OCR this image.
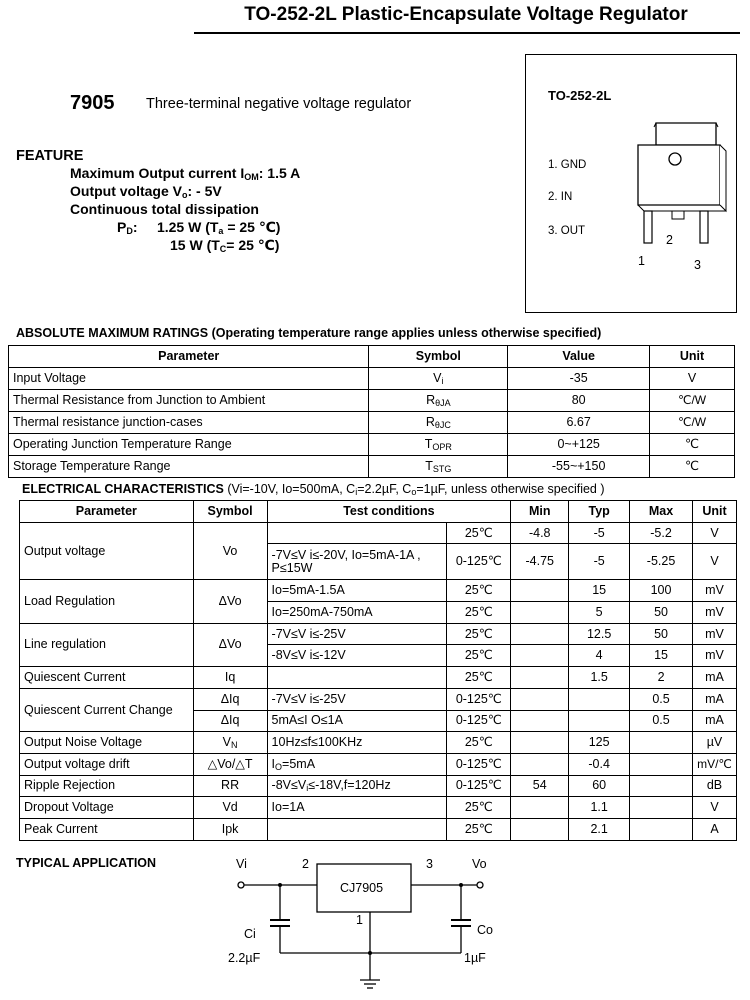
TO-252-2L Plastic-Encapsulate Voltage Regulator
7905 Three-terminal negative voltage regulator
FEATURE
Maximum Output current $I_{OM}$: 1.5 A
Output voltage $V_o$: - 5V
Continuous total dissipation
$P_D$:     1.25 W ($T_a = 25$ ℃)
15 W ($T_C= 25$ ℃)
TO-252-2L
1. GND
2. IN
3. OUT
1
2
3
ABSOLUTE MAXIMUM RATINGS (Operating temperature range applies unless otherwise specified)
Parameter	Symbol	Value	Unit
Input Voltage	$V_i$	-35	V
Thermal Resistance from Junction to Ambient	$R_{\theta JA}$	80	℃/W
Thermal resistance junction-cases	$R_{\theta JC}$	6.67	℃/W
Operating Junction Temperature Range	$T_{OPR}$	0~+125	℃
Storage Temperature Range	$T_{STG}$	-55~+150	℃
ELECTRICAL CHARACTERISTICS (Vi=-10V, Io=500mA, $C_i=2.2\mu F$, $C_o=1\mu F$, unless otherwise specified )
Parameter	Symbol	Test conditions		Min	Typ	Max	Unit
Output voltage	Vo		25℃	-4.8	-5	-5.2	V
		-7V≤V i≤-20V, Io=5mA-1A , P≤15W	0-125℃	-4.75	-5	-5.25	V
Load Regulation	ΔVo	Io=5mA-1.5A	25℃		15	100	mV
		Io=250mA-750mA	25℃		5	50	mV
Line regulation	ΔVo	-7V≤V i≤-25V	25℃		12.5	50	mV
		-8V≤V i≤-12V	25℃		4	15	mV
Quiescent Current	Iq		25℃		1.5	2	mA
Quiescent Current Change	ΔIq	-7V≤V i≤-25V	0-125℃			0.5	mA
	ΔIq	5mA≤I O≤1A	0-125℃			0.5	mA
Output Noise Voltage	$V_N$	10Hz≤f≤100KHz	25℃		125		µV
Output voltage drift	△Vo/△T	$I_O=5mA$	0-125℃		-0.4		mV/℃
Ripple Rejection	RR	$-8V\le V_i\le-18V,f=120Hz$	0-125℃	54	60		dB
Dropout Voltage	Vd	Io=1A	25℃		1.1		V
Peak Current	Ipk		25℃		2.1		A
TYPICAL APPLICATION	Vi	2	3	Vo
CJ7905
1
Ci
2.2µF
Co
1µF
